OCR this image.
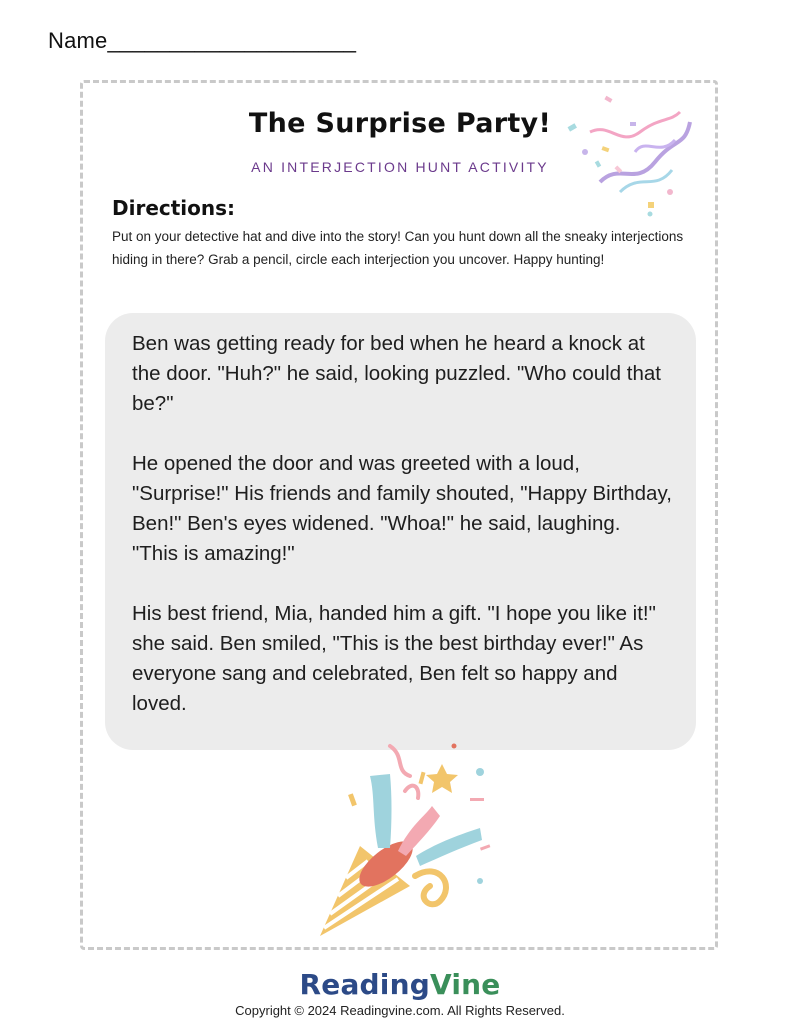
Name____________________
The Surprise Party!
AN INTERJECTION HUNT ACTIVITY
Directions:
Put on your detective hat and dive into the story! Can you hunt down all the sneaky interjections hiding in there? Grab a pencil, circle each interjection you uncover. Happy hunting!

Ben was getting ready for bed when he heard a knock at the door. "Huh?" he said, looking puzzled. "Who could that be?"

He opened the door and was greeted with a loud, "Surprise!" His friends and family shouted, "Happy Birthday, Ben!" Ben's eyes widened. "Whoa!" he said, laughing. "This is amazing!"

His best friend, Mia, handed him a gift. "I hope you like it!" she said. Ben smiled, "This is the best birthday ever!" As everyone sang and celebrated, Ben felt so happy and loved.

ReadingVine
Copyright © 2024 Readingvine.com. All Rights Reserved.
